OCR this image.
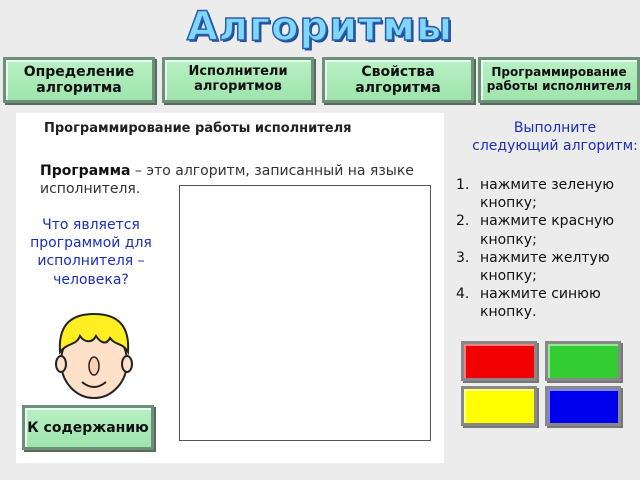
Алгоритмы
Определение алгоритма
Исполнители алгоритмов
Свойства алгоритма
Программирование работы исполнителя
Программирование работы исполнителя
Программа – это алгоритм, записанный на языке исполнителя.
Что является программой для исполнителя – человека?
К содержанию
Выполните следующий алгоритм:
1. нажмите зеленую кнопку;
2. нажмите красную кнопку;
3. нажмите желтую кнопку;
4. нажмите синюю кнопку.
